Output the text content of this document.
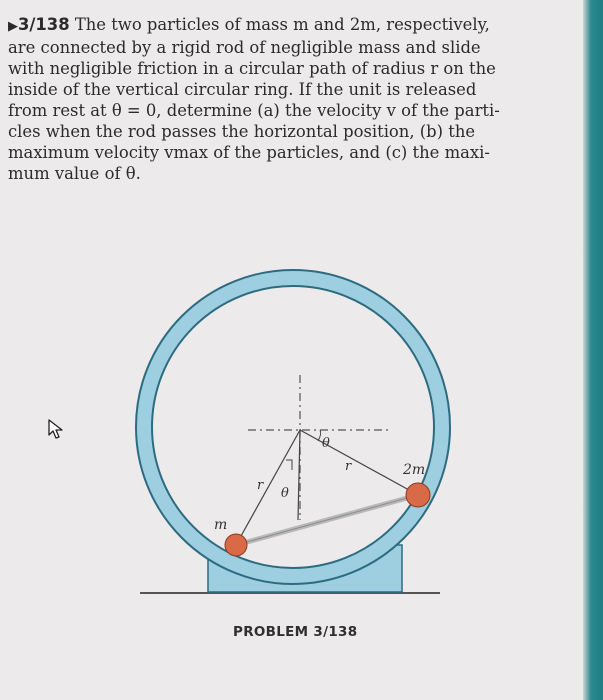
▶3/138 The two particles of mass m and 2m, respectively,
are connected by a rigid rod of negligible mass and slide
with negligible friction in a circular path of radius r on the
inside of the vertical circular ring. If the unit is released
from rest at θ = 0, determine (a) the velocity v of the parti-
cles when the rod passes the horizontal position, (b) the
maximum velocity vmax of the particles, and (c) the maxi-
mum value of θ.
m
2m
r
r
θ
θ
PROBLEM 3/138
